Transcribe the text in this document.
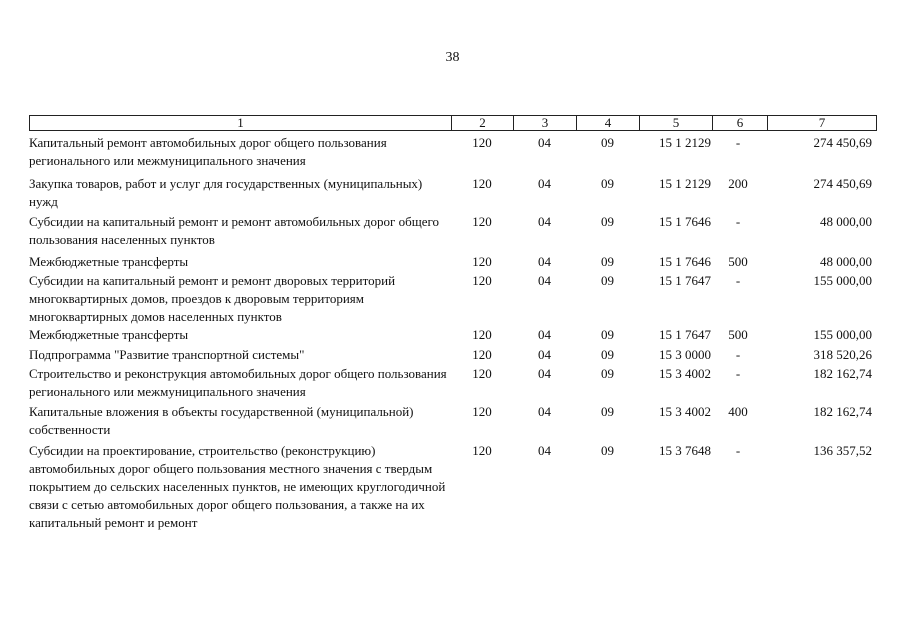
38
1	2	3	4	5	6	7
Капитальный ремонт автомобильных дорог общего пользования регионального или межмуниципального значения
120	04	09	15 1 2129	-	274 450,69
Закупка товаров, работ и услуг для государственных (муниципальных) нужд
120	04	09	15 1 2129	200	274 450,69
Субсидии на капитальный ремонт и ремонт автомобильных дорог общего пользования населенных пунктов
120	04	09	15 1 7646	-	48 000,00
Межбюджетные трансферты	120	04	09	15 1 7646	500	48 000,00
Субсидии на капитальный ремонт и ремонт дворовых территорий многоквартирных домов, проездов к дворовым территориям многоквартирных домов населенных пунктов
120	04	09	15 1 7647	-	155 000,00
Межбюджетные трансферты	120	04	09	15 1 7647	500	155 000,00
Подпрограмма "Развитие транспортной системы"	120	04	09	15 3 0000	-	318 520,26
Строительство и реконструкция автомобильных дорог общего пользования регионального или межмуниципального значения
120	04	09	15 3 4002	-	182 162,74
Капитальные вложения в объекты государственной (муниципальной) собственности
120	04	09	15 3 4002	400	182 162,74
Субсидии на проектирование, строительство (реконструкцию) автомобильных дорог общего пользования местного значения с твердым покрытием до сельских населенных пунктов, не имеющих круглогодичной связи с сетью автомобильных дорог общего пользования, а также на их капитальный ремонт и ремонт
120	04	09	15 3 7648	-	136 357,52
